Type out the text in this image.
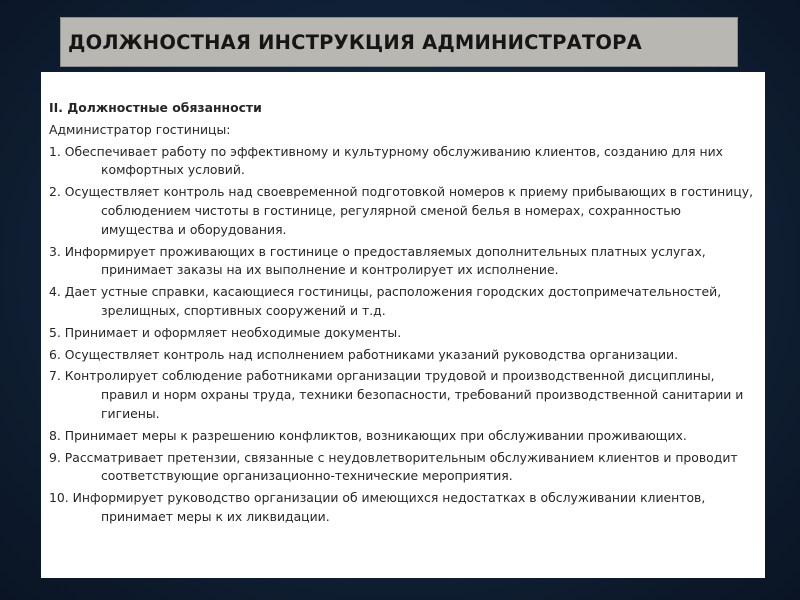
ДОЛЖНОСТНАЯ ИНСТРУКЦИЯ АДМИНИСТРАТОРА
II. Должностные обязанности
Администратор гостиницы:
1. Обеспечивает работу по эффективному и культурному обслуживанию клиентов, созданию для них комфортных условий.
2. Осуществляет контроль над своевременной подготовкой номеров к приему прибывающих в гостиницу, соблюдением чистоты в гостинице, регулярной сменой белья в номерах, сохранностью имущества и оборудования.
3. Информирует проживающих в гостинице о предоставляемых дополнительных платных услугах, принимает заказы на их выполнение и контролирует их исполнение.
4. Дает устные справки, касающиеся гостиницы, расположения городских достопримечательностей, зрелищных, спортивных сооружений и т.д.
5. Принимает и оформляет необходимые документы.
6. Осуществляет контроль над исполнением работниками указаний руководства организации.
7. Контролирует соблюдение работниками организации трудовой и производственной дисциплины, правил и норм охраны труда, техники безопасности, требований производственной санитарии и гигиены.
8. Принимает меры к разрешению конфликтов, возникающих при обслуживании проживающих.
9. Рассматривает претензии, связанные с неудовлетворительным обслуживанием клиентов и проводит соответствующие организационно-технические мероприятия.
10. Информирует руководство организации об имеющихся недостатках в обслуживании клиентов, принимает меры к их ликвидации.
